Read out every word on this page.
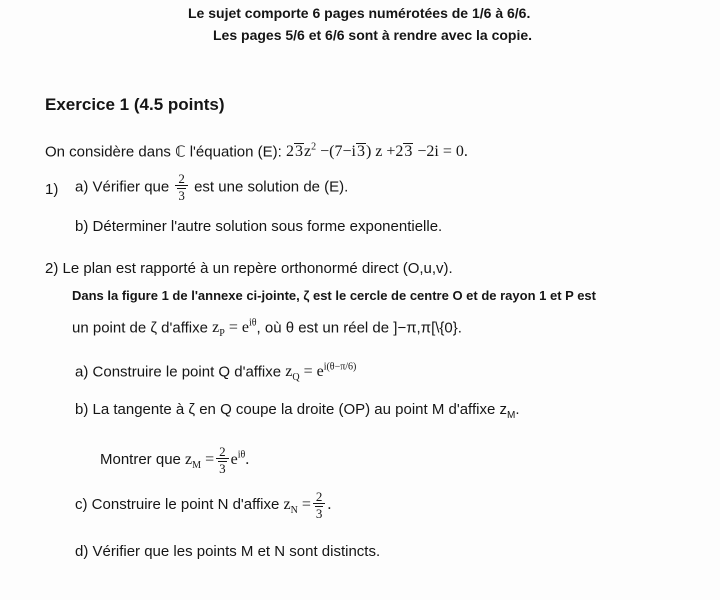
Le sujet comporte 6 pages numérotées de 1/6 à 6/6.
Les pages 5/6 et 6/6 sont à rendre avec la copie.
Exercice 1 (4.5 points)
On considère dans ℂ l'équation (E): $23z^2 -(7-i3)$ z +23 −2i = 0.
1) a) Vérifier que $\frac{2}{3}$ est une solution de (E).
b) Déterminer l'autre solution sous forme exponentielle.
2) Le plan est rapporté à un repère orthonormé direct (O,u,v).
Dans la figure 1 de l'annexe ci-jointe, ζ est le cercle de centre O et de rayon 1 et P est
un point de ζ d'affixe $z_P = e^{i\theta}$, où θ est un réel de ]−π,π[\{0}.
a) Construire le point Q d'affixe $z_Q = e^{i(\theta-\pi/6)}$
b) La tangente à ζ en Q coupe la droite (OP) au point M d'affixe $z_M$.
Montrer que $z_M = \frac{2}{3} e^{i\theta}$.
c) Construire le point N d'affixe $z_N = \frac{2}{3}$ .
d) Vérifier que les points M et N sont distincts.
